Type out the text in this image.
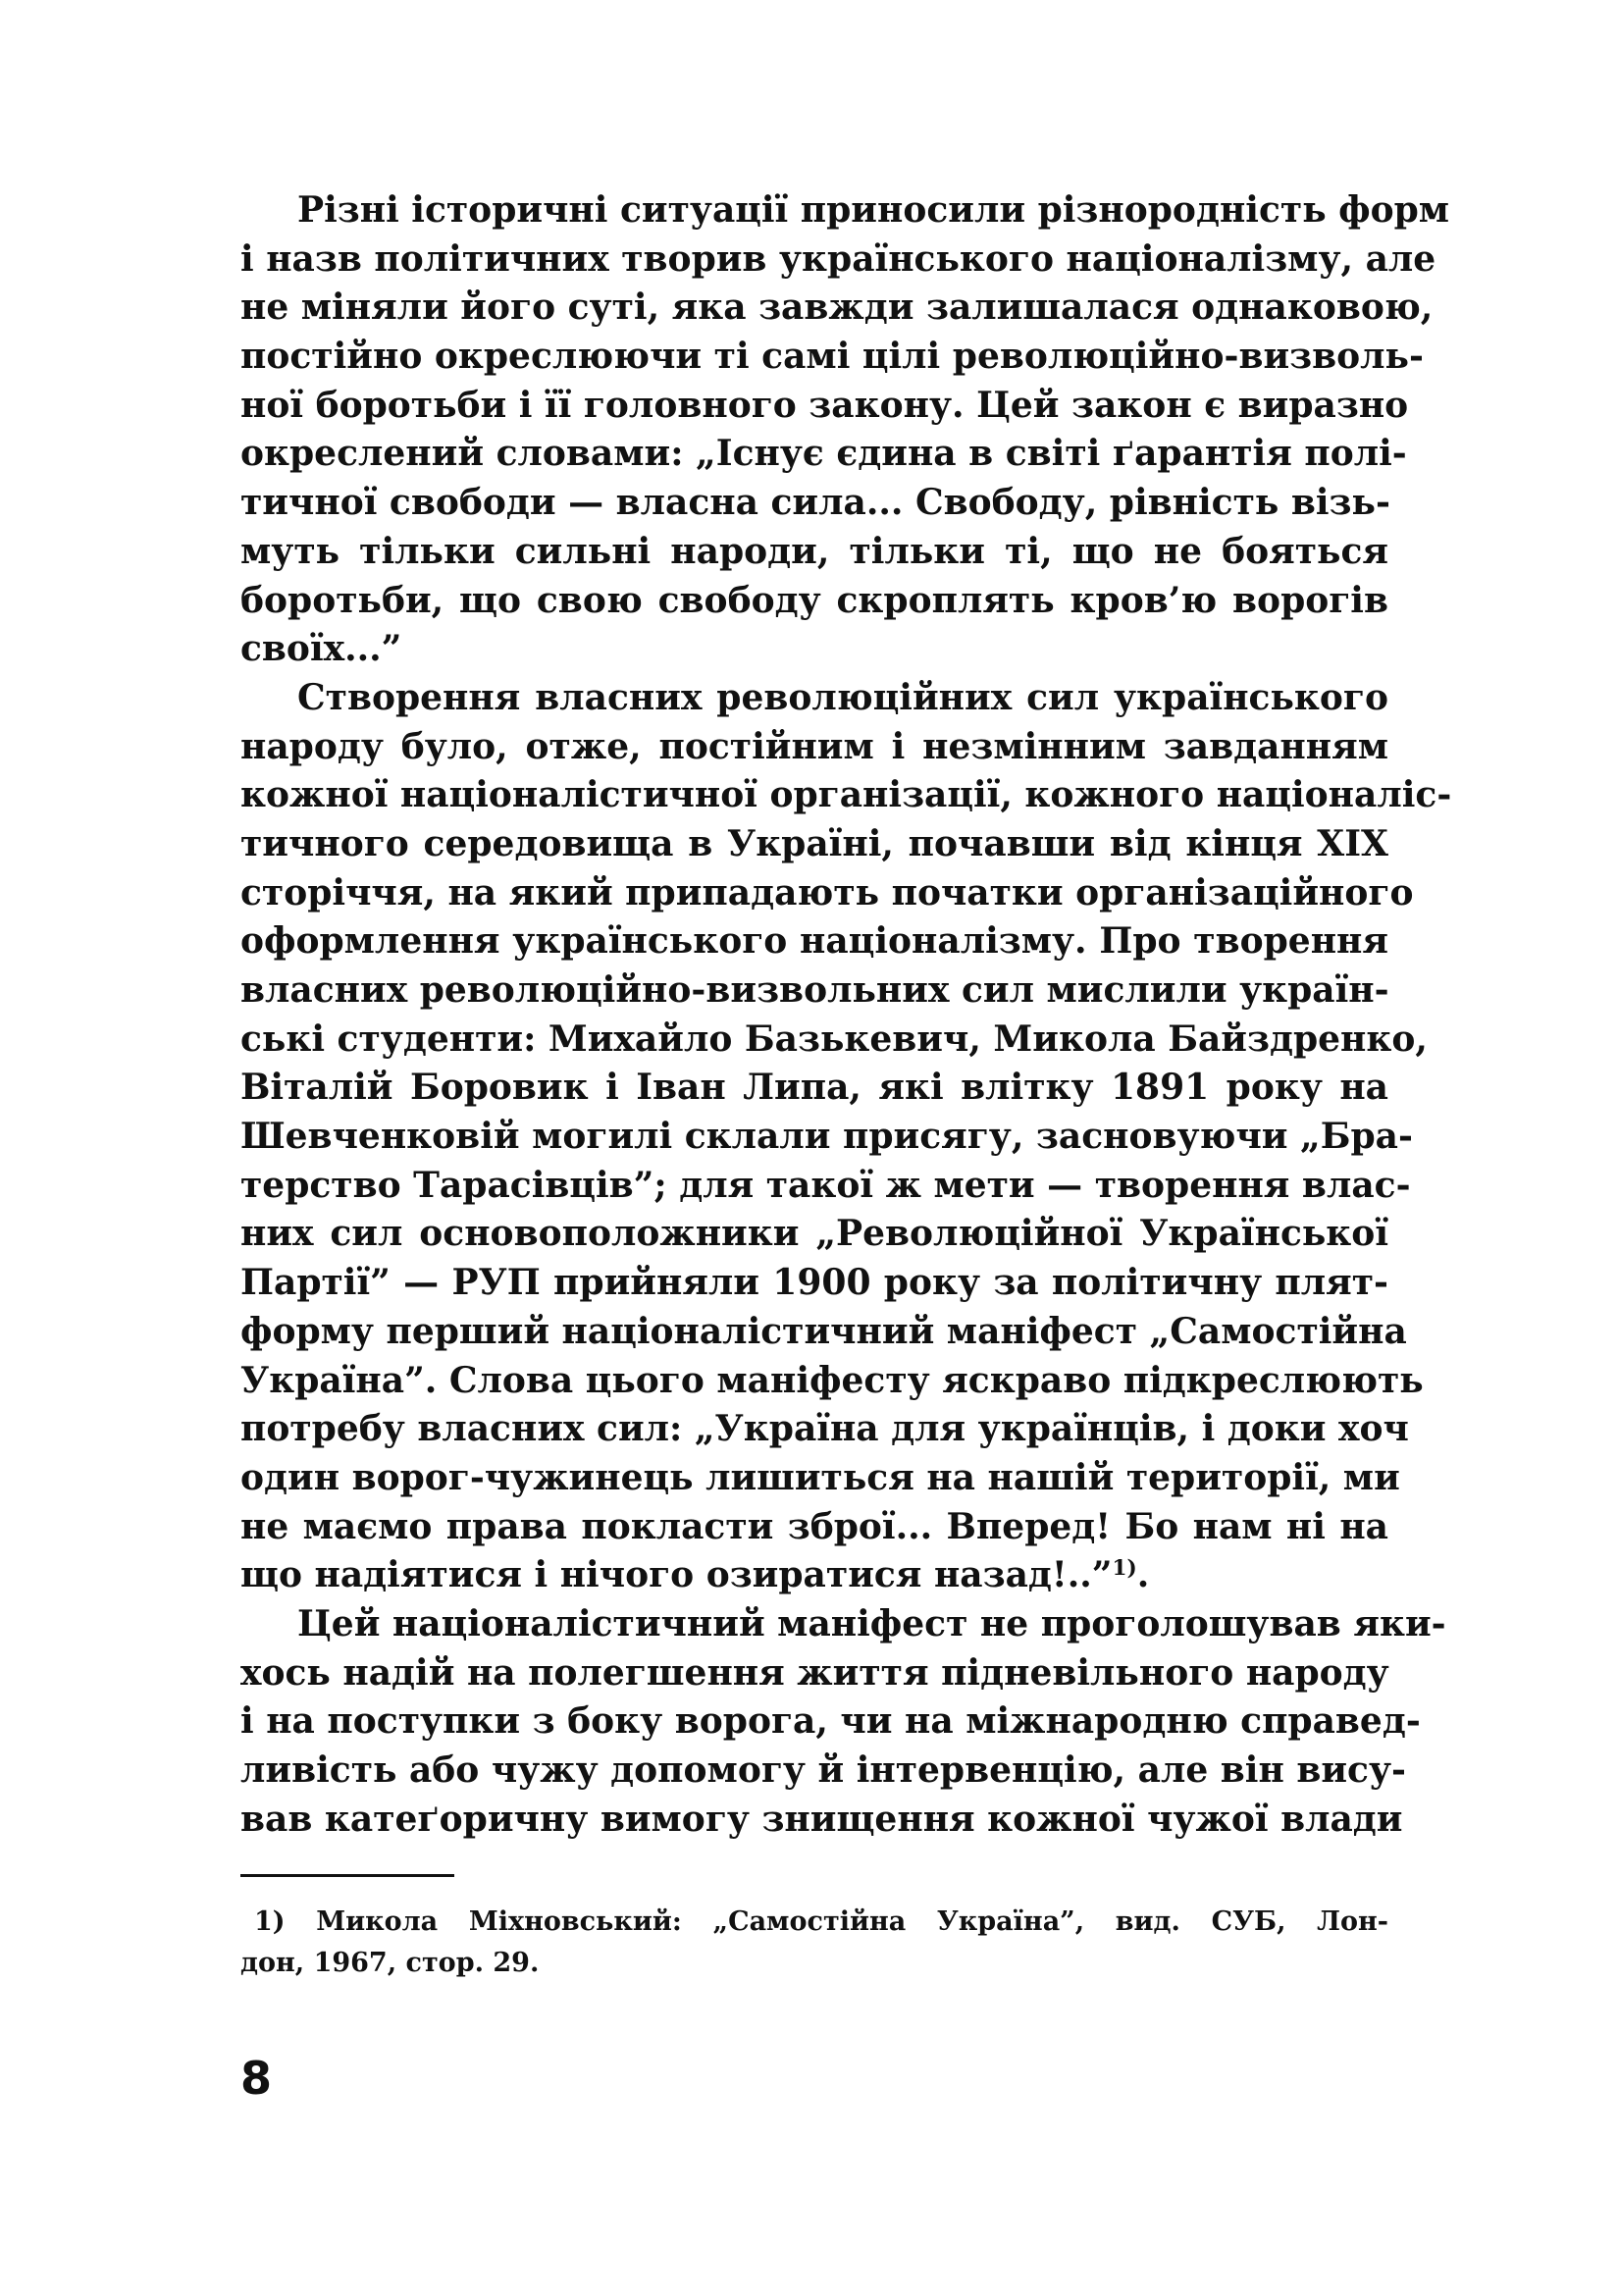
Різні історичні ситуації приносили різнородність форм
і назв політичних творив українського націоналізму, але
не міняли його суті, яка завжди залишалася однаковою,
постійно окреслюючи ті самі цілі революційно-визволь-
ної боротьби і її головного закону. Цей закон є виразно
окреслений словами: „Існує єдина в світі ґарантія полі-
тичної свободи — власна сила... Свободу, рівність візь-
муть тільки сильні народи, тільки ті, що не бояться
боротьби, що свою свободу скроплять кров’ю ворогів
своїх...”
Створення власних революційних сил українського
народу було, отже, постійним і незмінним завданням
кожної націоналістичної організації, кожного націоналіс-
тичного середовища в Україні, почавши від кінця XIX
сторіччя, на який припадають початки організаційного
оформлення українського націоналізму. Про творення
власних революційно-визвольних сил мислили україн-
ські студенти: Михайло Базькевич, Микола Байздренко,
Віталій Боровик і Іван Липа, які влітку 1891 року на
Шевченковій могилі склали присягу, засновуючи „Бра-
терство Тарасівців”; для такої ж мети — творення влас-
них сил основоположники „Революційної Української
Партії” — РУП прийняли 1900 року за політичну плят-
форму перший націоналістичний маніфест „Самостійна
Україна”. Слова цього маніфесту яскраво підкреслюють
потребу власних сил: „Україна для українців, і доки хоч
один ворог-чужинець лишиться на нашій території, ми
не маємо права покласти зброї... Вперед! Бо нам ні на
що надіятися і нічого озиратися назад!..”$^{1)}$.
Цей націоналістичний маніфест не проголошував яки-
хось надій на полегшення життя підневільного народу
і на поступки з боку ворога, чи на міжнародню справед-
ливість або чужу допомогу й інтервенцію, але він вису-
вав катеґоричну вимогу знищення кожної чужої влади
1) Микола Міхновський: „Самостійна Україна”, вид. СУБ, Лон-
дон, 1967, стор. 29.
8
